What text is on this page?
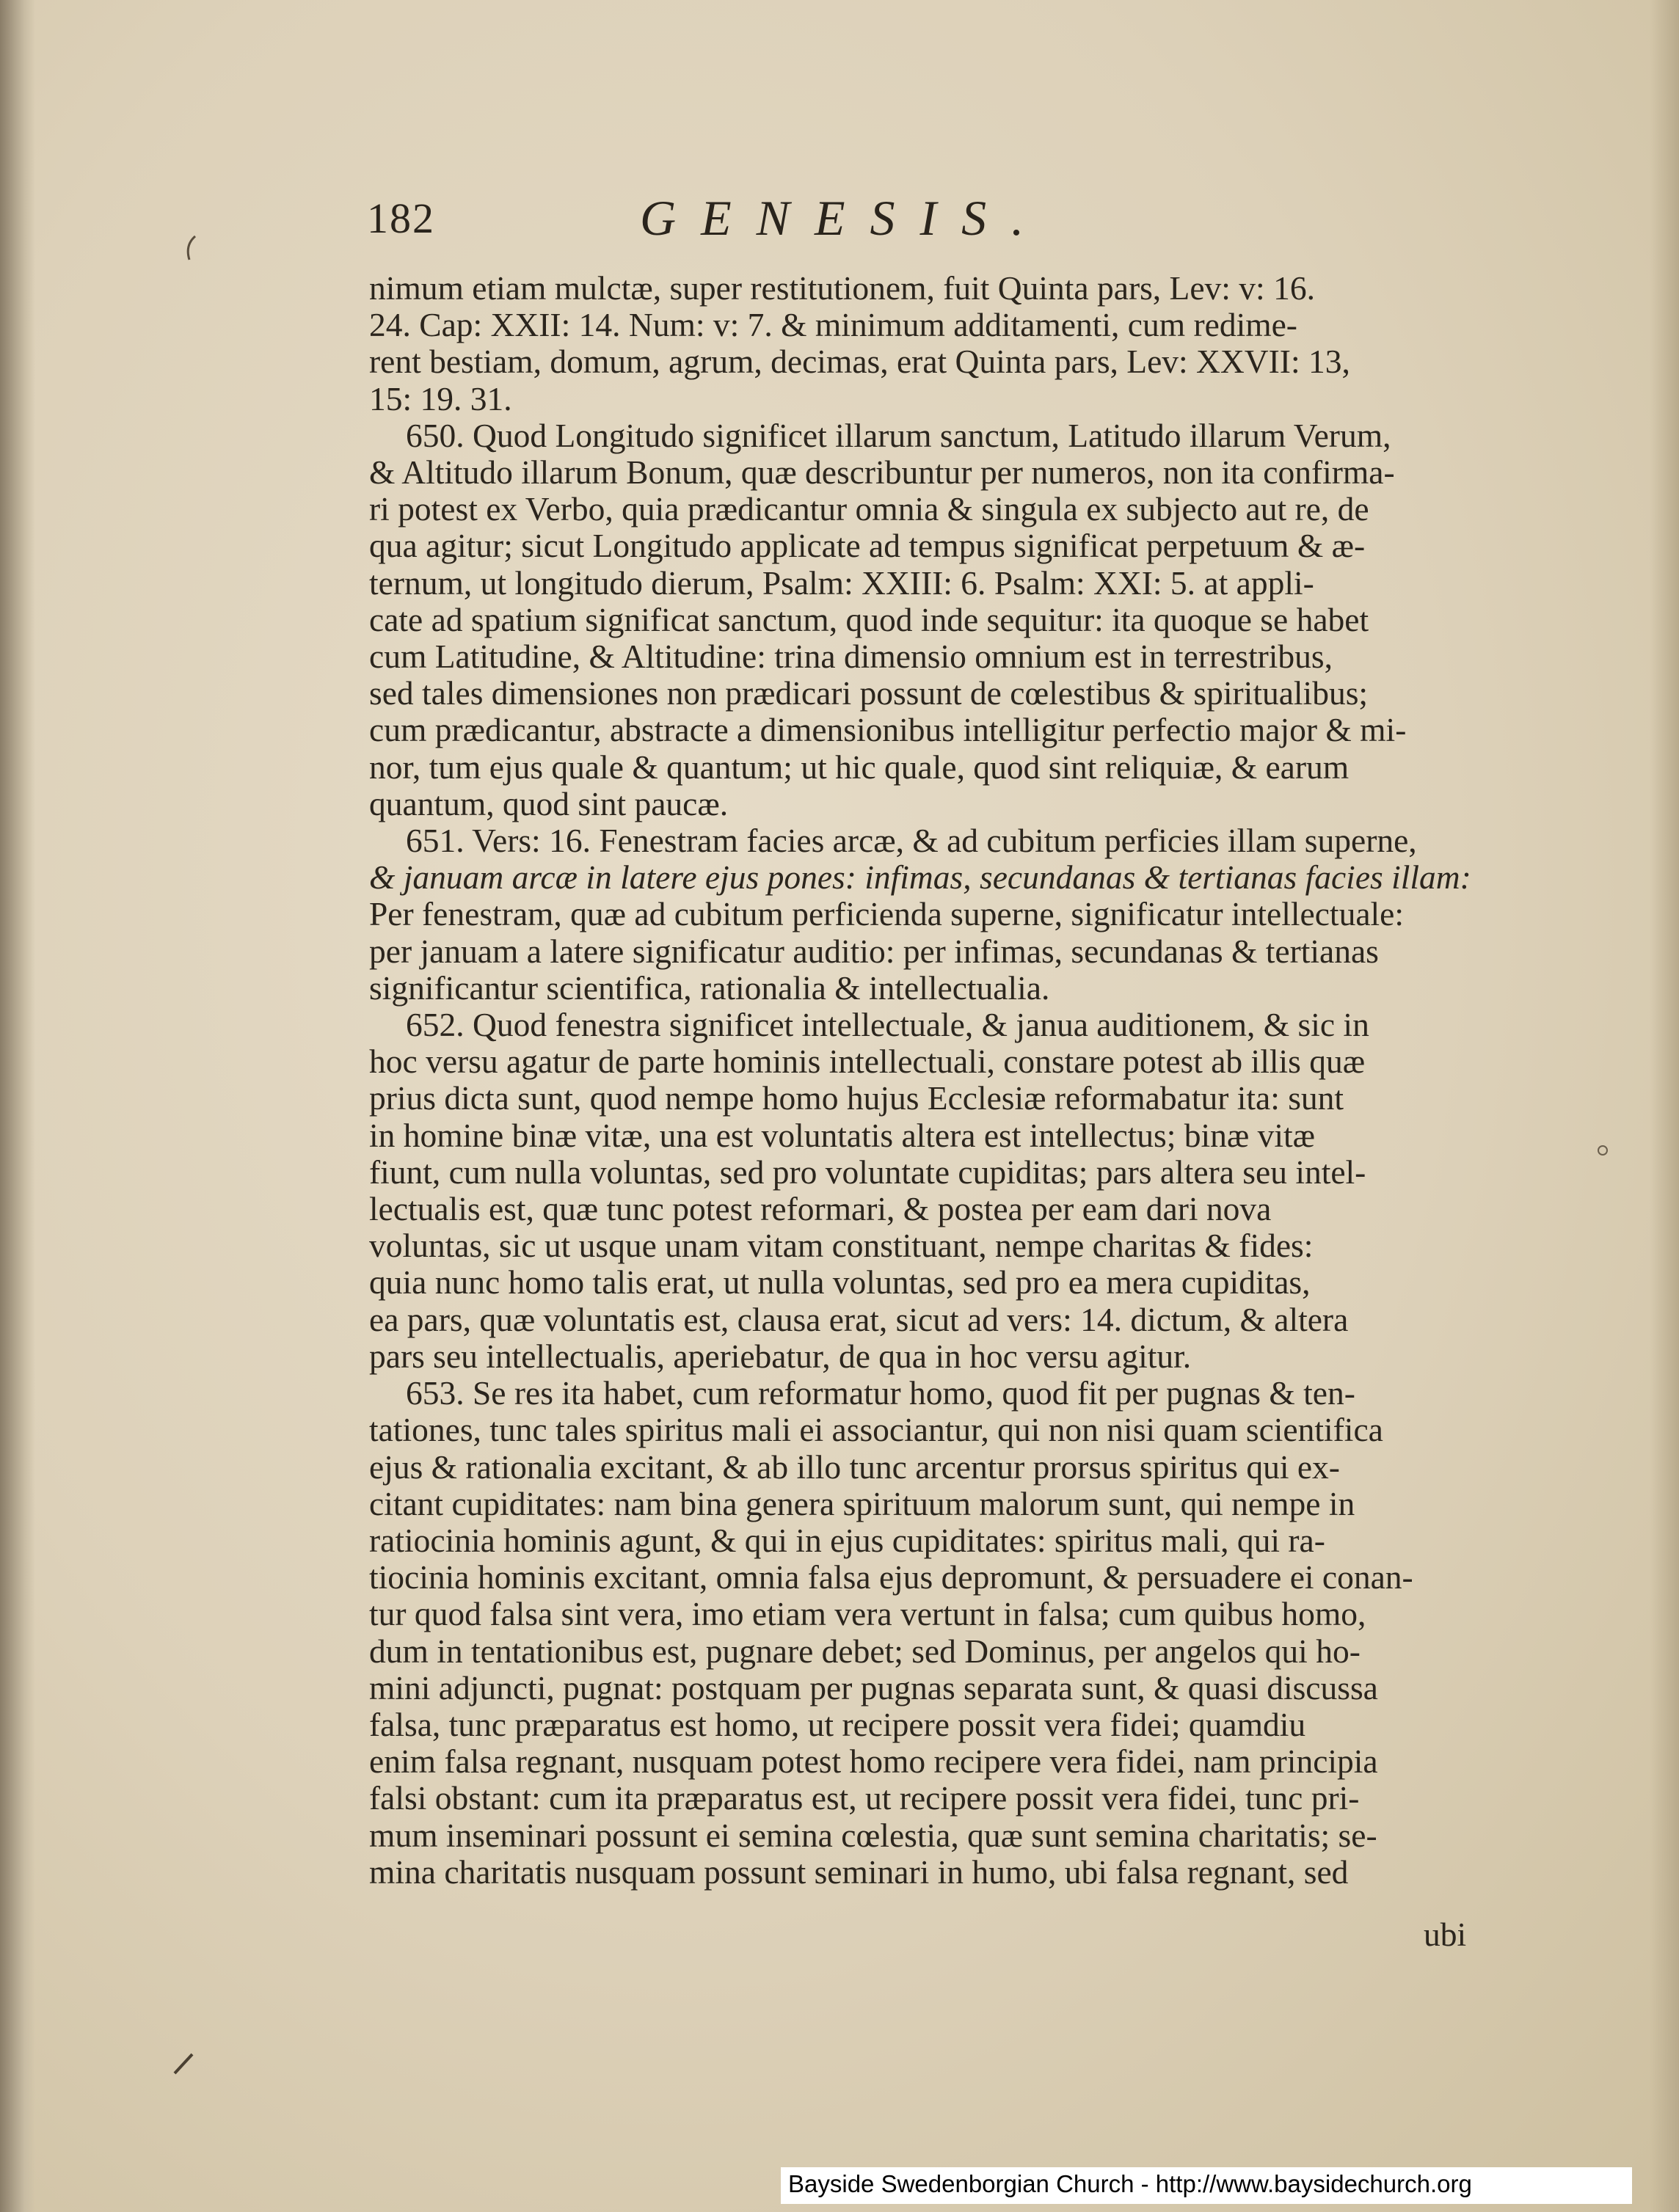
182	GENESIS.

nimum etiam mulctæ, super restitutionem, fuit Quinta pars, Lev: v: 16.

24. Cap: XXII: 14. Num: v: 7. & minimum additamenti, cum redime-

rent bestiam, domum, agrum, decimas, erat Quinta pars, Lev: XXVII: 13,

15: 19. 31.

650. Quod Longitudo significet illarum sanctum, Latitudo illarum Verum,

& Altitudo illarum Bonum, quæ describuntur per numeros, non ita confirma-

ri potest ex Verbo, quia prædicantur omnia & singula ex subjecto aut re, de

qua agitur; sicut Longitudo applicate ad tempus significat perpetuum & æ-

ternum, ut longitudo dierum, Psalm: XXIII: 6. Psalm: XXI: 5. at appli-

cate ad spatium significat sanctum, quod inde sequitur: ita quoque se habet

cum Latitudine, & Altitudine: trina dimensio omnium est in terrestribus,

sed tales dimensiones non prædicari possunt de cœlestibus & spiritualibus;

cum prædicantur, abstracte a dimensionibus intelligitur perfectio major & mi-

nor, tum ejus quale & quantum; ut hic quale, quod sint reliquiæ, & earum

quantum, quod sint paucæ.

651. Vers: 16. Fenestram facies arcæ, & ad cubitum perficies illam superne,

& januam arcæ in latere ejus pones: infimas, secundanas & tertianas facies illam:

Per fenestram, quæ ad cubitum perficienda superne, significatur intellectuale:

per januam a latere significatur auditio: per infimas, secundanas & tertianas

significantur scientifica, rationalia & intellectualia.

652. Quod fenestra significet intellectuale, & janua auditionem, & sic in

hoc versu agatur de parte hominis intellectuali, constare potest ab illis quæ

prius dicta sunt, quod nempe homo hujus Ecclesiæ reformabatur ita: sunt

in homine binæ vitæ, una est voluntatis altera est intellectus; binæ vitæ

fiunt, cum nulla voluntas, sed pro voluntate cupiditas; pars altera seu intel-

lectualis est, quæ tunc potest reformari, & postea per eam dari nova

voluntas, sic ut usque unam vitam constituant, nempe charitas & fides:

quia nunc homo talis erat, ut nulla voluntas, sed pro ea mera cupiditas,

ea pars, quæ voluntatis est, clausa erat, sicut ad vers: 14. dictum, & altera

pars seu intellectualis, aperiebatur, de qua in hoc versu agitur.

653. Se res ita habet, cum reformatur homo, quod fit per pugnas & ten-

tationes, tunc tales spiritus mali ei associantur, qui non nisi quam scientifica

ejus & rationalia excitant, & ab illo tunc arcentur prorsus spiritus qui ex-

citant cupiditates: nam bina genera spirituum malorum sunt, qui nempe in

ratiocinia hominis agunt, & qui in ejus cupiditates: spiritus mali, qui ra-

tiocinia hominis excitant, omnia falsa ejus depromunt, & persuadere ei conan-

tur quod falsa sint vera, imo etiam vera vertunt in falsa; cum quibus homo,

dum in tentationibus est, pugnare debet; sed Dominus, per angelos qui ho-

mini adjuncti, pugnat: postquam per pugnas separata sunt, & quasi discussa

falsa, tunc præparatus est homo, ut recipere possit vera fidei; quamdiu

enim falsa regnant, nusquam potest homo recipere vera fidei, nam principia

falsi obstant: cum ita præparatus est, ut recipere possit vera fidei, tunc pri-

mum inseminari possunt ei semina cœlestia, quæ sunt semina charitatis; se-

mina charitatis nusquam possunt seminari in humo, ubi falsa regnant, sed

ubi
Bayside Swedenborgian Church - http://www.baysidechurch.org
